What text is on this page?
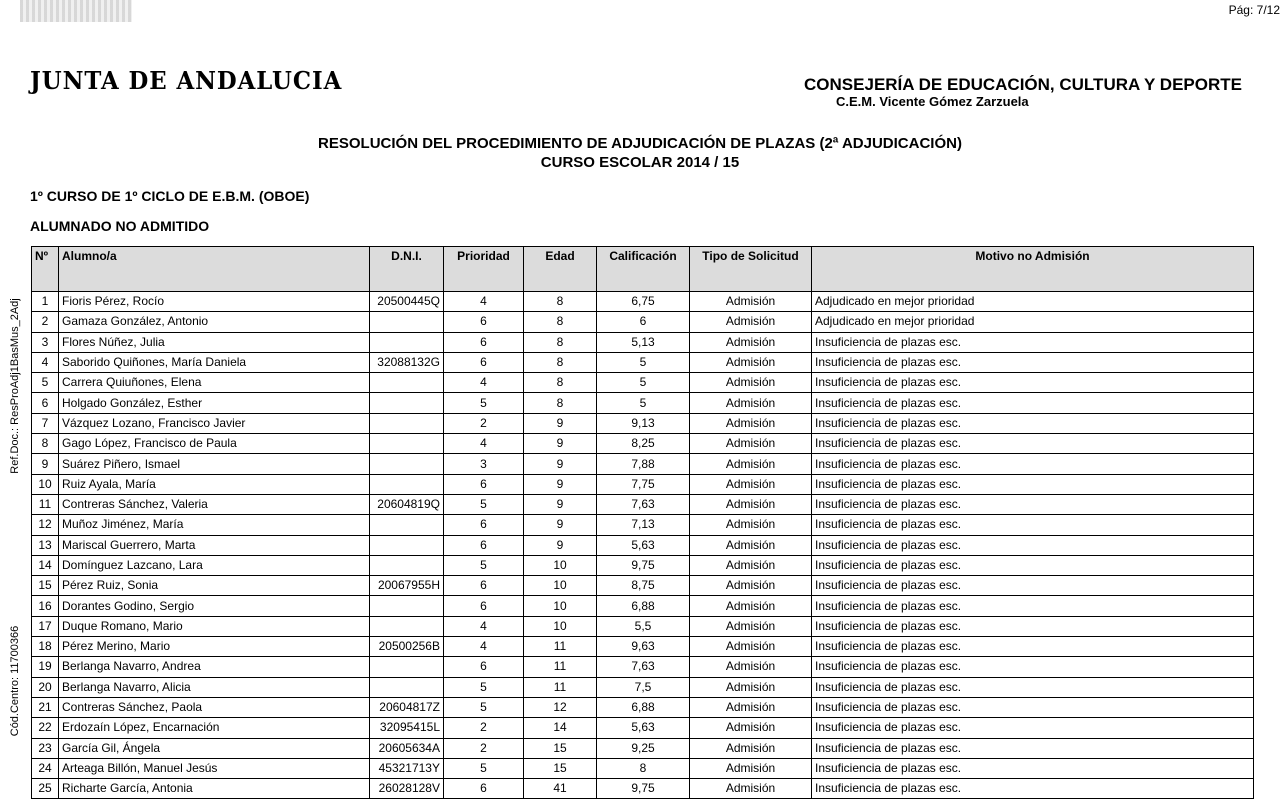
Pág: 7/12
Ref.Doc.: ResProAdj1BasMus_2Adj
Cód.Centro: 11700366
JUNTA DE ANDALUCIA	CONSEJERÍA DE EDUCACIÓN, CULTURA Y DEPORTE
C.E.M. Vicente Gómez Zarzuela
RESOLUCIÓN DEL PROCEDIMIENTO DE ADJUDICACIÓN DE PLAZAS (2ª ADJUDICACIÓN)
CURSO ESCOLAR 2014 / 15
1º CURSO DE 1º CICLO DE E.B.M. (OBOE)
ALUMNADO NO ADMITIDO
Nº	Alumno/a	D.N.I.	Prioridad	Edad	Calificación	Tipo de Solicitud	Motivo no Admisión
1	Fioris Pérez, Rocío	20500445Q	4	8	6,75	Admisión	Adjudicado en mejor prioridad
2	Gamaza González, Antonio		6	8	6	Admisión	Adjudicado en mejor prioridad
3	Flores Núñez, Julia		6	8	5,13	Admisión	Insuficiencia de plazas esc.
4	Saborido Quiñones, María Daniela	32088132G	6	8	5	Admisión	Insuficiencia de plazas esc.
5	Carrera Quiuñones, Elena		4	8	5	Admisión	Insuficiencia de plazas esc.
6	Holgado González, Esther		5	8	5	Admisión	Insuficiencia de plazas esc.
7	Vázquez Lozano, Francisco Javier		2	9	9,13	Admisión	Insuficiencia de plazas esc.
8	Gago López, Francisco de Paula		4	9	8,25	Admisión	Insuficiencia de plazas esc.
9	Suárez Piñero, Ismael		3	9	7,88	Admisión	Insuficiencia de plazas esc.
10	Ruiz Ayala, María		6	9	7,75	Admisión	Insuficiencia de plazas esc.
11	Contreras Sánchez, Valeria	20604819Q	5	9	7,63	Admisión	Insuficiencia de plazas esc.
12	Muñoz Jiménez, María		6	9	7,13	Admisión	Insuficiencia de plazas esc.
13	Mariscal Guerrero, Marta		6	9	5,63	Admisión	Insuficiencia de plazas esc.
14	Domínguez Lazcano, Lara		5	10	9,75	Admisión	Insuficiencia de plazas esc.
15	Pérez Ruiz, Sonia	20067955H	6	10	8,75	Admisión	Insuficiencia de plazas esc.
16	Dorantes Godino, Sergio		6	10	6,88	Admisión	Insuficiencia de plazas esc.
17	Duque Romano, Mario		4	10	5,5	Admisión	Insuficiencia de plazas esc.
18	Pérez Merino, Mario	20500256B	4	11	9,63	Admisión	Insuficiencia de plazas esc.
19	Berlanga Navarro, Andrea		6	11	7,63	Admisión	Insuficiencia de plazas esc.
20	Berlanga Navarro, Alicia		5	11	7,5	Admisión	Insuficiencia de plazas esc.
21	Contreras Sánchez, Paola	20604817Z	5	12	6,88	Admisión	Insuficiencia de plazas esc.
22	Erdozaín López, Encarnación	32095415L	2	14	5,63	Admisión	Insuficiencia de plazas esc.
23	García Gil, Ángela	20605634A	2	15	9,25	Admisión	Insuficiencia de plazas esc.
24	Arteaga Billón, Manuel Jesús	45321713Y	5	15	8	Admisión	Insuficiencia de plazas esc.
25	Richarte García, Antonia	26028128V	6	41	9,75	Admisión	Insuficiencia de plazas esc.
